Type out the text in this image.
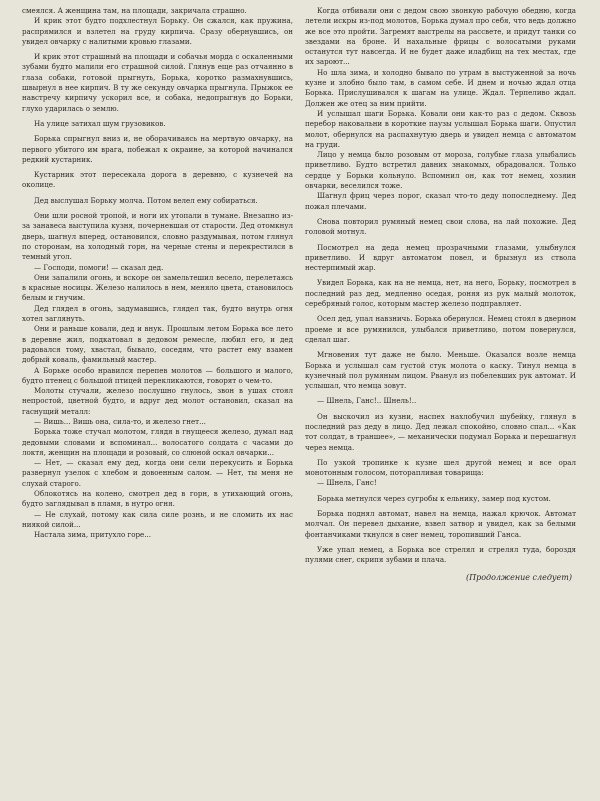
смеялся. А женщина там, на площади, закричала страшно.

И крик этот будто подхлестнул Борьку. Он сжался, как пружина, распрямился и взлетел на груду кирпича. Сразу обернувшись, он увидел овчарку с налитыми кровью глазами.

И крик этот страшный на площади и собачья морда с оскаленными зубами будто малили его страшной силой. Глянув еще раз отчаянно в глаза собаки, готовой прыгнуть, Борька, коротко размахнувшись, швырнул в нее кирпич. В ту же секунду овчарка прыгнула. Прыжок ее навстречу кирпичу ускорил все, и собака, недопрыгнув до Борьки, глухо ударилась о землю.

На улице затихал шум грузовиков.

Борька спрыгнул вниз и, не оборачиваясь на мертвую овчарку, на первого убитого им врага, побежал к окраине, за которой начинался редкий кустарник.

Кустарник этот пересекала дорога в деревню, с кузнечей на околице.

Дед выслушал Борьку молча. Потом велел ему собираться.

Они шли росной тропой, и ноги их утопали в тумане. Внезапно из-за занавеса выступила кузня, почерневшая от старости. Дед отомкнул дверь, шагнул вперед, остановился, словно раздумывая, потом глянул по сторонам, на холодный горн, на черные стены и перекрестился в темный угол.

— Господи, помоги! — сказал дед.

Они запалили огонь, и вскоре он замельтешил весело, перелетаясь в красные носицы. Железо налилось в нем, меняло цвета, становилось белым и гнучим.

Дед глядел в огонь, задумавшись, глядел так, будто внутрь огня хотел заглянуть.

Они и раньше ковали, дед и внук. Прошлым летом Борька все лето в деревне жил, подкатовал в дедовом ремесле, любил его, и дед радовался тому, хвастал, бывало, соседям, что растет ему взамен добрый коваль, фамильный мастер.

А Борьке особо нравился перепев молотов — большого и малого, будто птенец с большой птицей перекликаются, говорят о чем-то.

Молоты стучали, железо послушно гнулось, звон в ушах стоял непростой, цветной будто, и вдруг дед молот остановил, сказал на гаснущий металл:

— Вишь... Вишь она, сила-то, и железо гнет...

Борька тоже стучал молотом, глядя в гнущееся железо, думал над дедовыми словами и вспоминал... волосатого солдата с часами до локтя, женщин на площади и розовый, со слюной оскал овчарки...

— Нет, — сказал ему дед, когда они сели перекусить и Борька развернул узелок с хлебом и довоенным салом. — Нет, ты меня не слухай старого.

Облокотясь на колено, смотрел дед в горн, в утихающий огонь, будто заглядывал в пламя, в нутро огня.

— Не слухай, потому как сила силе рознь, и не сломить их нас ниякой силой...

Настала зима, притухло горе...

Когда отбивали они с дедом свою звонкую рабочую обедню, когда летели искры из-под молотов, Борька думал про себя, что ведь должно же все это пройти. Загремят выстрелы на рассвете, и придут танки со звездами на броне. И нахальные фрицы с волосатыми руками останутся тут навсегда. И не будет даже иладбищ на тех местах, где их зароют...

Но шла зима, и холодно бывало по утрам в выстуженной за ночь кузне и злобно было там, в самом себе. И днем и ночью ждал отца Борька. Прислушивался к шагам на улице. Ждал. Терпеливо ждал. Должен же отец за ним прийти.

И услышал шаги Борька. Ковали они как-то раз с дедом. Сквозь перебор наковальни в короткие паузы услышал Борька шаги. Опустил молот, обернулся на распахнутую дверь и увидел немца с автоматом на груди.

Лицо у немца было розовым от мороза, голубые глаза улыбались приветливо. Будто встретил давних знакомых, обрадовался. Только сердце у Борьки кольнуло. Вспомнил он, как тот немец, хозяин овчарки, веселился тоже.

Шагнул фриц через порог, сказал что-то деду попоследнему. Дед пожал плечами.

Снова повторил румяный немец свои слова, на лай похожие. Дед головой мотнул.

Посмотрел на деда немец прозрачными глазами, улыбнулся приветливо. И вдруг автоматом повел, и брызнул из ствола нестерпимый жар.

Увидел Борька, как на не немца, нет, на него, Борьку, посмотрел в последний раз дед, медленно оседая, роняя из рук малый молоток, серебряный голос, которым мастер железо подправляет.

Осел дед, упал навзничь. Борька обернулся. Немец стоял в дверном проеме и все румянился, улыбался приветливо, потом повернулся, сделал шаг.

Мгновения тут даже не было. Меньше. Оказался возле немца Борька и услышал сам густой стук молота о каску. Тинул немца в кузнечный пол румяным лицом. Рванул из побелевших рук автомат. И услышал, что немца зовут.

— Шнель, Ганс!.. Шнель!..

Он выскочил из кузни, наспех нахлобучил шубейку, глянул в последний раз деду в лицо. Дед лежал спокойно, словно спал... «Как тот солдат, в траншее», — механически подумал Борька и перешагнул через немца.

По узкой тропинке к кузне шел другой немец и все орал монотонным голосом, поторапливая товарища:

— Шнель, Ганс!

Борька метнулся через сугробы к ельнику, замер под кустом.

Борька поднял автомат, навел на немца, нажал крючок. Автомат молчал. Он перевел дыхание, взвел затвор и увидел, как за белыми фонтанчиками ткнулся в снег немец, торопивший Ганса.

Уже упал немец, а Борька все стрелял и стрелял туда, бороздя пулями снег, скрипя зубами и плача.

(Продолжение следует)
